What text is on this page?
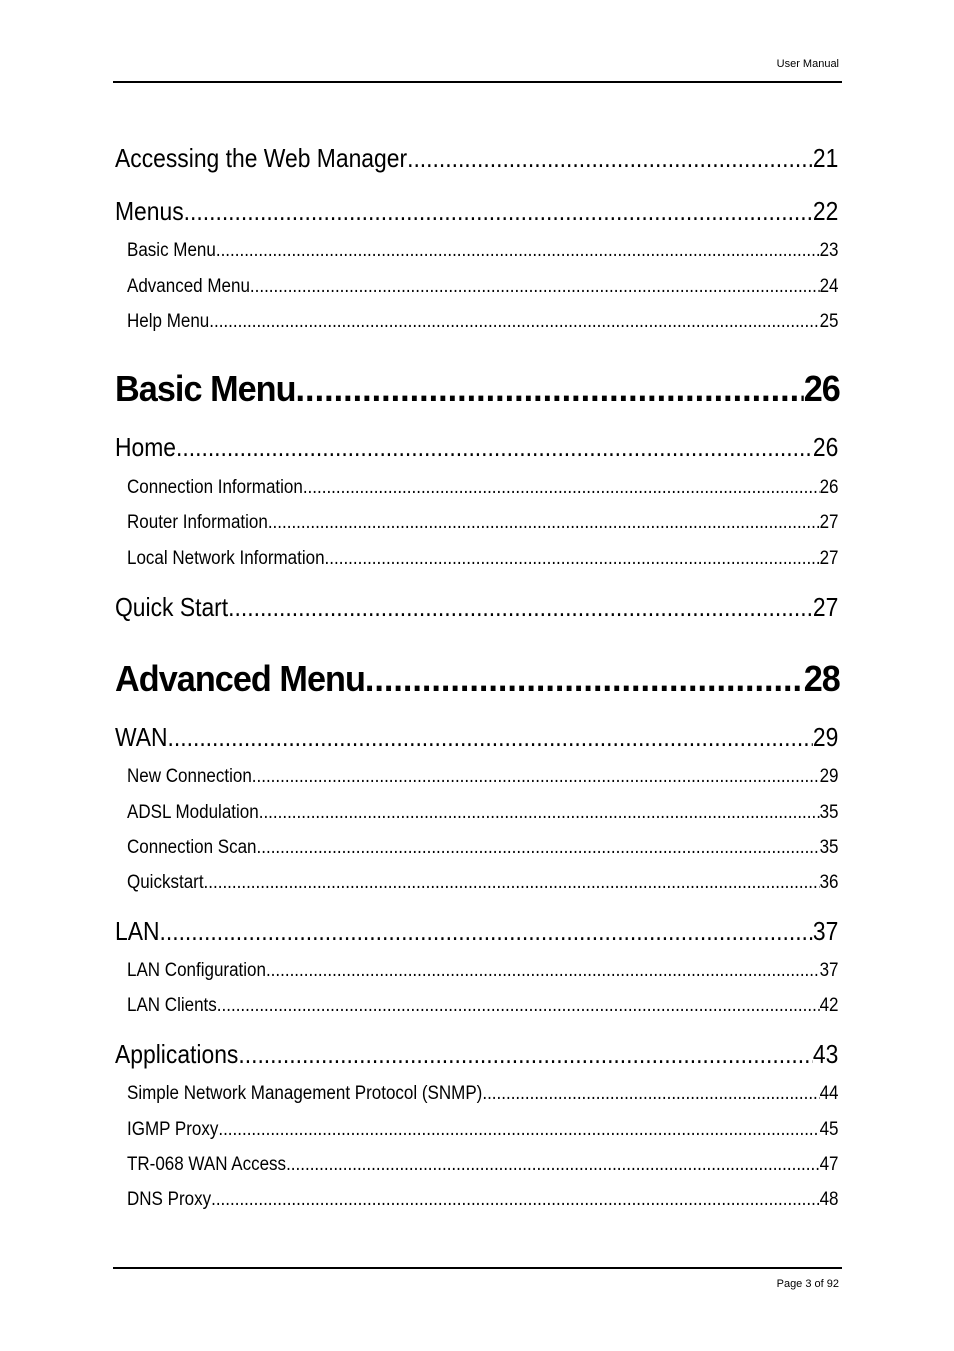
User Manual
Accessing the Web Manager .....	21
Menus .....	22
Basic Menu .....	23
Advanced Menu .....	24
Help Menu .....	25
Basic Menu .....	26
Home .....	26
Connection Information .....	26
Router Information .....	27
Local Network Information .....	27
Quick Start .....	27
Advanced Menu .....	28
WAN .....	29
New Connection .....	29
ADSL Modulation .....	35
Connection Scan .....	35
Quickstart .....	36
LAN .....	37
LAN Configuration .....	37
LAN Clients .....	42
Applications .....	43
Simple Network Management Protocol (SNMP) .....	44
IGMP Proxy .....	45
TR-068 WAN Access .....	47
DNS Proxy .....	48
Page 3 of 92
